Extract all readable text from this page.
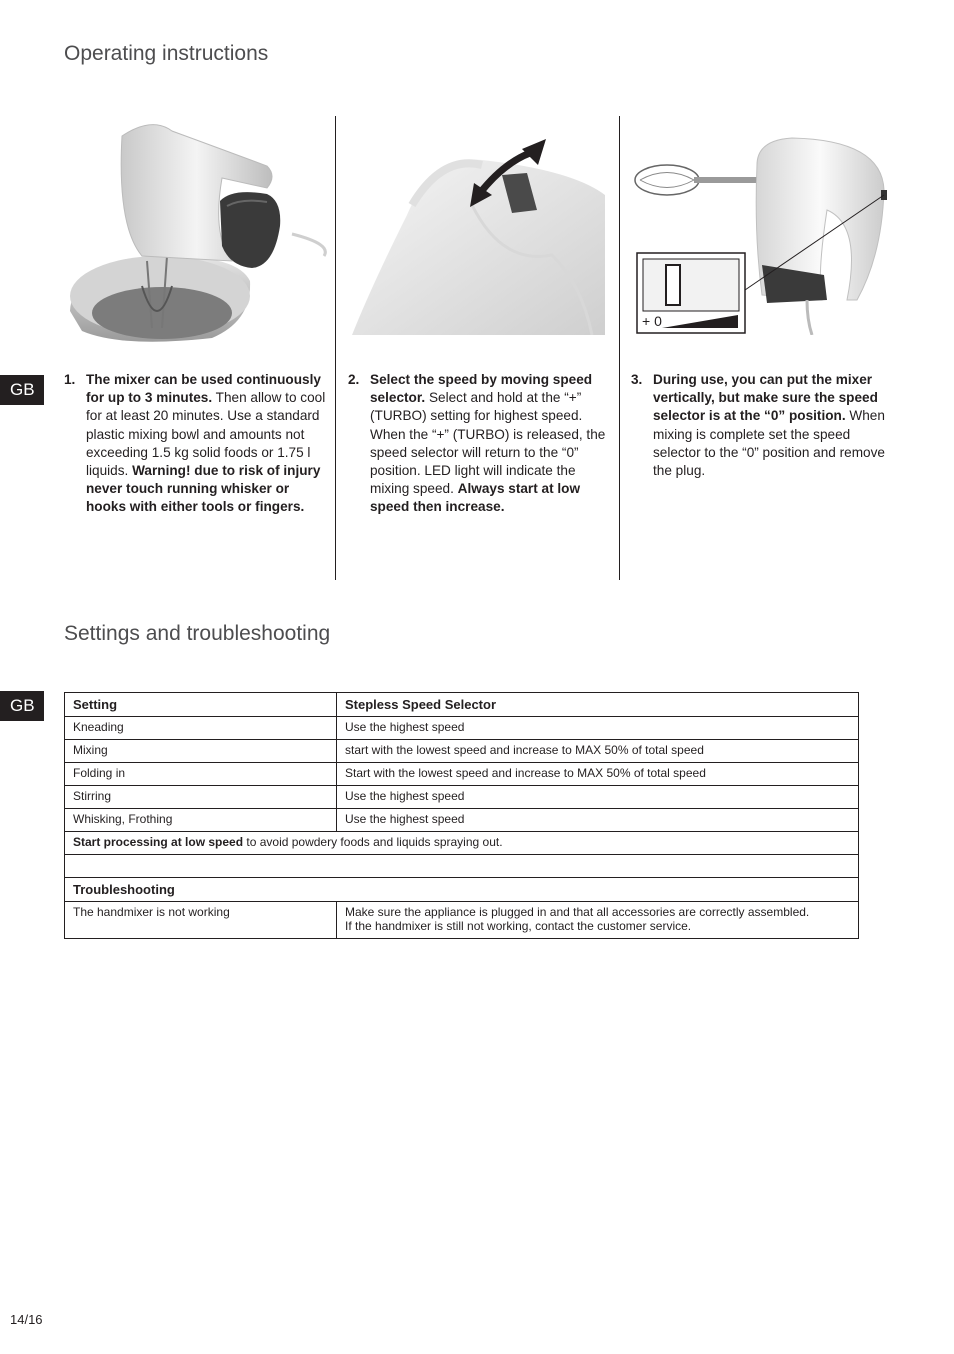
Operating instructions
GB
+ 0
1. The mixer can be used continuously for up to 3 minutes. Then allow to cool for at least 20 minutes. Use a standard plastic mixing bowl and amounts not exceeding 1.5 kg solid foods or 1.75 l liquids. Warning! due to risk of injury never touch running whisker or hooks with either tools or fingers.
2. Select the speed by moving speed selector. Select and hold at the “+” (TURBO) setting for highest speed. When the “+” (TURBO) is released, the speed selector will return to the “0” position. LED light will indicate the mixing speed. Always start at low speed then increase.
3. During use, you can put the mixer vertically, but make sure the speed selector is at the “0” position. When mixing is complete set the speed selector to the “0” position and remove the plug.
Settings and troubleshooting
GB	Setting	Stepless Speed Selector
Kneading	Use the highest speed
Mixing	start with the lowest speed and increase to MAX 50% of total speed
Folding in	Start with the lowest speed and increase to MAX 50% of total speed
Stirring	Use the highest speed
Whisking, Frothing	Use the highest speed
Start processing at low speed to avoid powdery foods and liquids spraying out.	

Troubleshooting	
The handmixer is not working	Make sure the appliance is plugged in and that all accessories are correctly assembled.
If the handmixer is still not working, contact the customer service.
14/16
